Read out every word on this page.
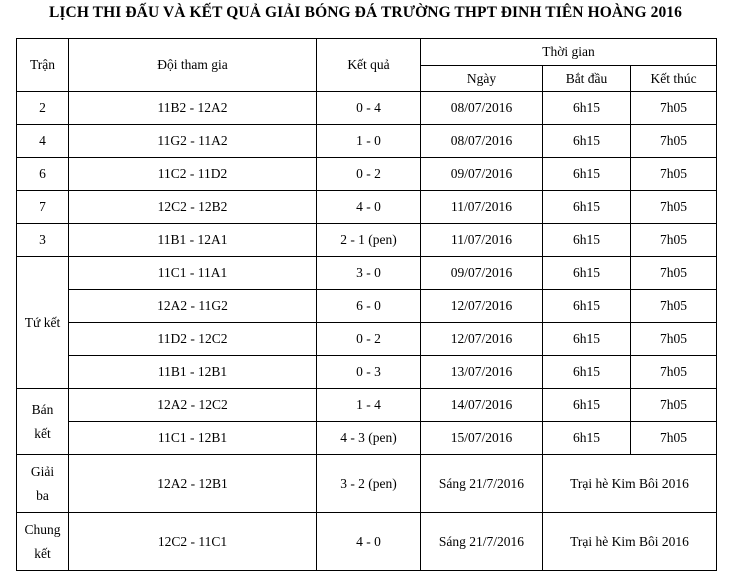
LỊCH THI ĐẤU VÀ KẾT QUẢ GIẢI BÓNG ĐÁ TRƯỜNG THPT ĐINH TIÊN HOÀNG 2016
Trận	Đội tham gia	Kết quả	Thời gian		
			Ngày	Bắt đầu	Kết thúc
2	11B2 - 12A2	0 - 4	08/07/2016	6h15	7h05
4	11G2 - 11A2	1 - 0	08/07/2016	6h15	7h05
6	11C2 - 11D2	0 - 2	09/07/2016	6h15	7h05
7	12C2 - 12B2	4 - 0	11/07/2016	6h15	7h05
3	11B1 - 12A1	2 - 1 (pen)	11/07/2016	6h15	7h05
Tứ kết	11C1 - 11A1	3 - 0	09/07/2016	6h15	7h05
	12A2 - 11G2	6 - 0	12/07/2016	6h15	7h05
	11D2 - 12C2	0 - 2	12/07/2016	6h15	7h05
	11B1 - 12B1	0 - 3	13/07/2016	6h15	7h05
Bán
kết	12A2 - 12C2	1 - 4	14/07/2016	6h15	7h05
	11C1 - 12B1	4 - 3 (pen)	15/07/2016	6h15	7h05
Giải
ba	12A2 - 12B1	3 - 2 (pen)	Sáng 21/7/2016	Trại hè Kim Bôi 2016	
Chung
kết	12C2 - 11C1	4 - 0	Sáng 21/7/2016	Trại hè Kim Bôi 2016	
